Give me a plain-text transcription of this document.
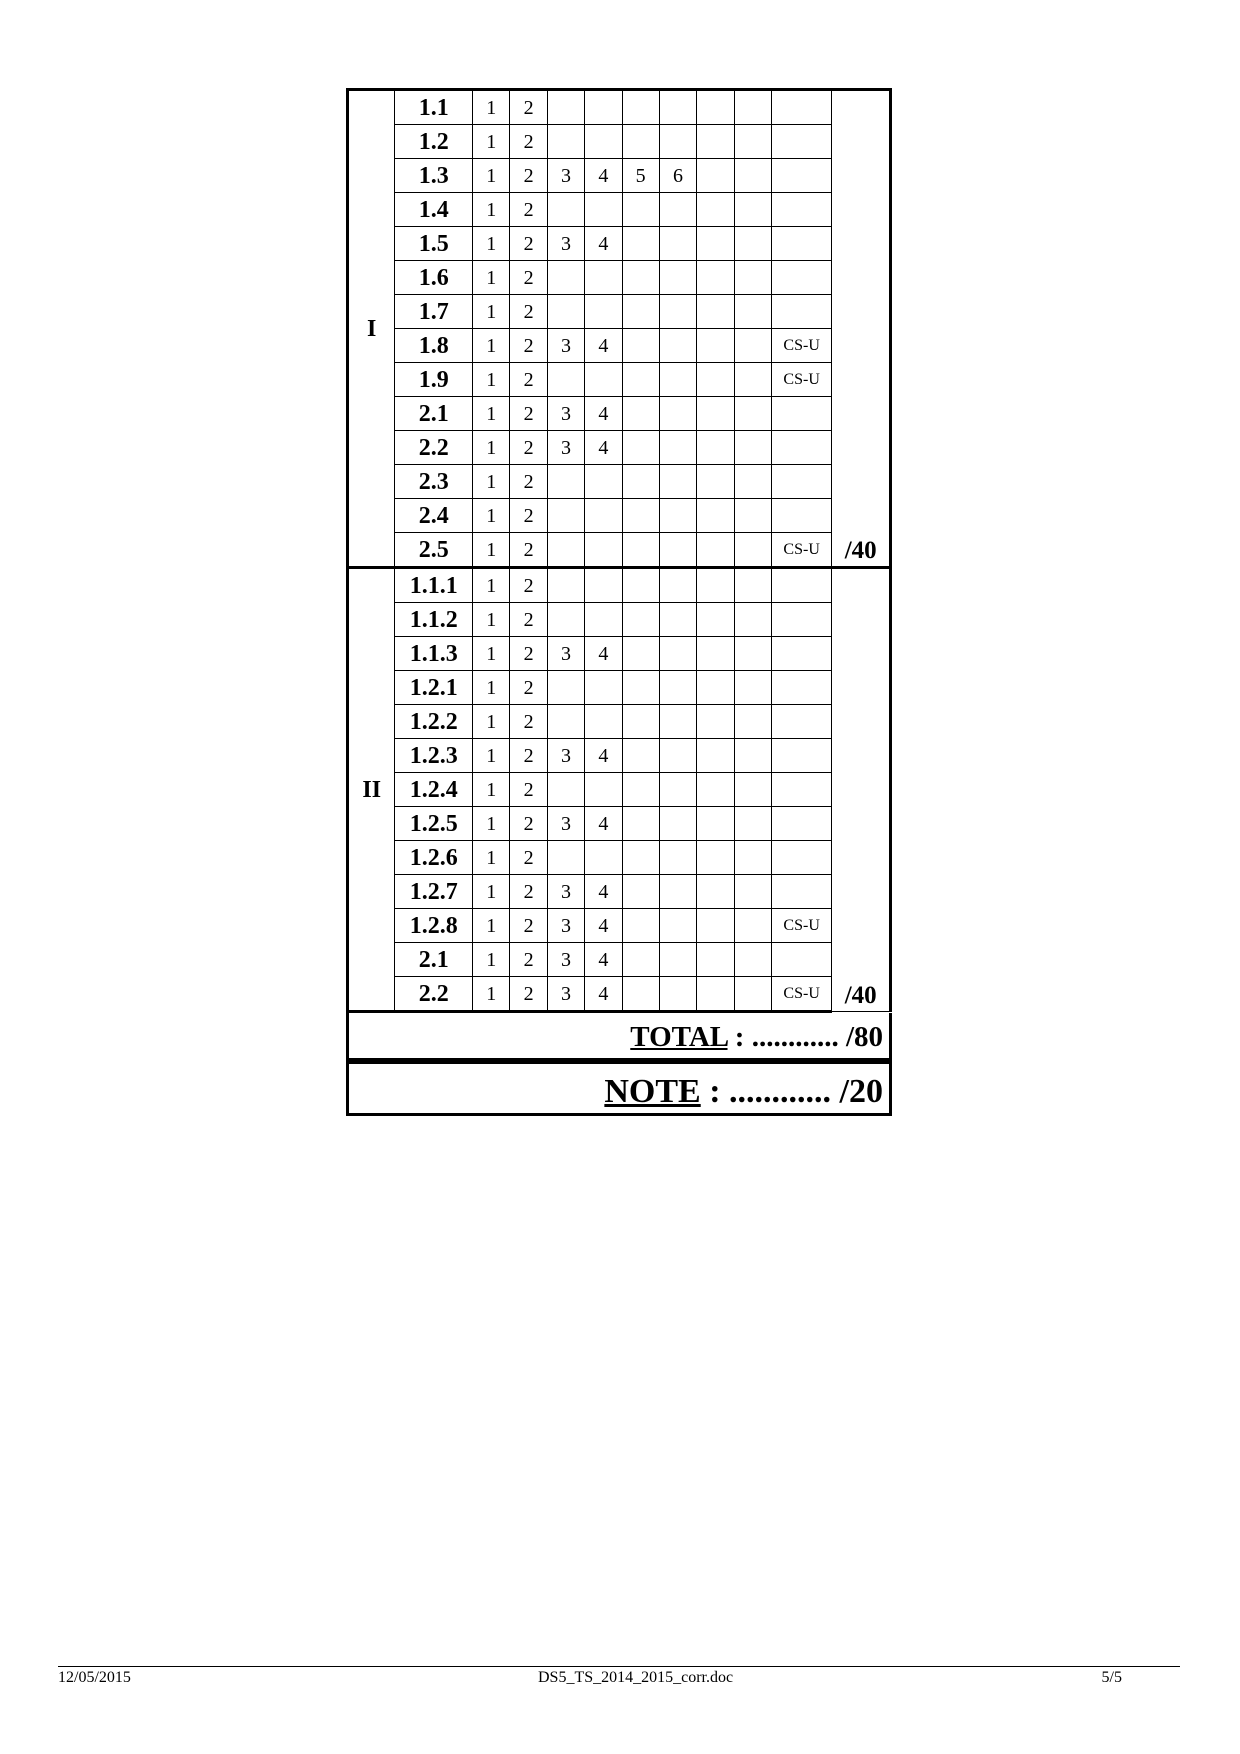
I	1.1	1	2								/40
	1.2	1	2								
	1.3	1	2	3	4	5	6				
	1.4	1	2								
	1.5	1	2	3	4						
	1.6	1	2								
	1.7	1	2								
	1.8	1	2	3	4					CS-U	
	1.9	1	2							CS-U	
	2.1	1	2	3	4						
	2.2	1	2	3	4						
	2.3	1	2								
	2.4	1	2								
	2.5	1	2							CS-U	
II	1.1.1	1	2								/40
	1.1.2	1	2								
	1.1.3	1	2	3	4						
	1.2.1	1	2								
	1.2.2	1	2								
	1.2.3	1	2	3	4						
	1.2.4	1	2								
	1.2.5	1	2	3	4						
	1.2.6	1	2								
	1.2.7	1	2	3	4						
	1.2.8	1	2	3	4					CS-U	
	2.1	1	2	3	4						
	2.2	1	2	3	4					CS-U	
TOTAL : ............ /80
NOTE : ............ /20
12/05/2015	DS5_TS_2014_2015_corr.doc	5/5
